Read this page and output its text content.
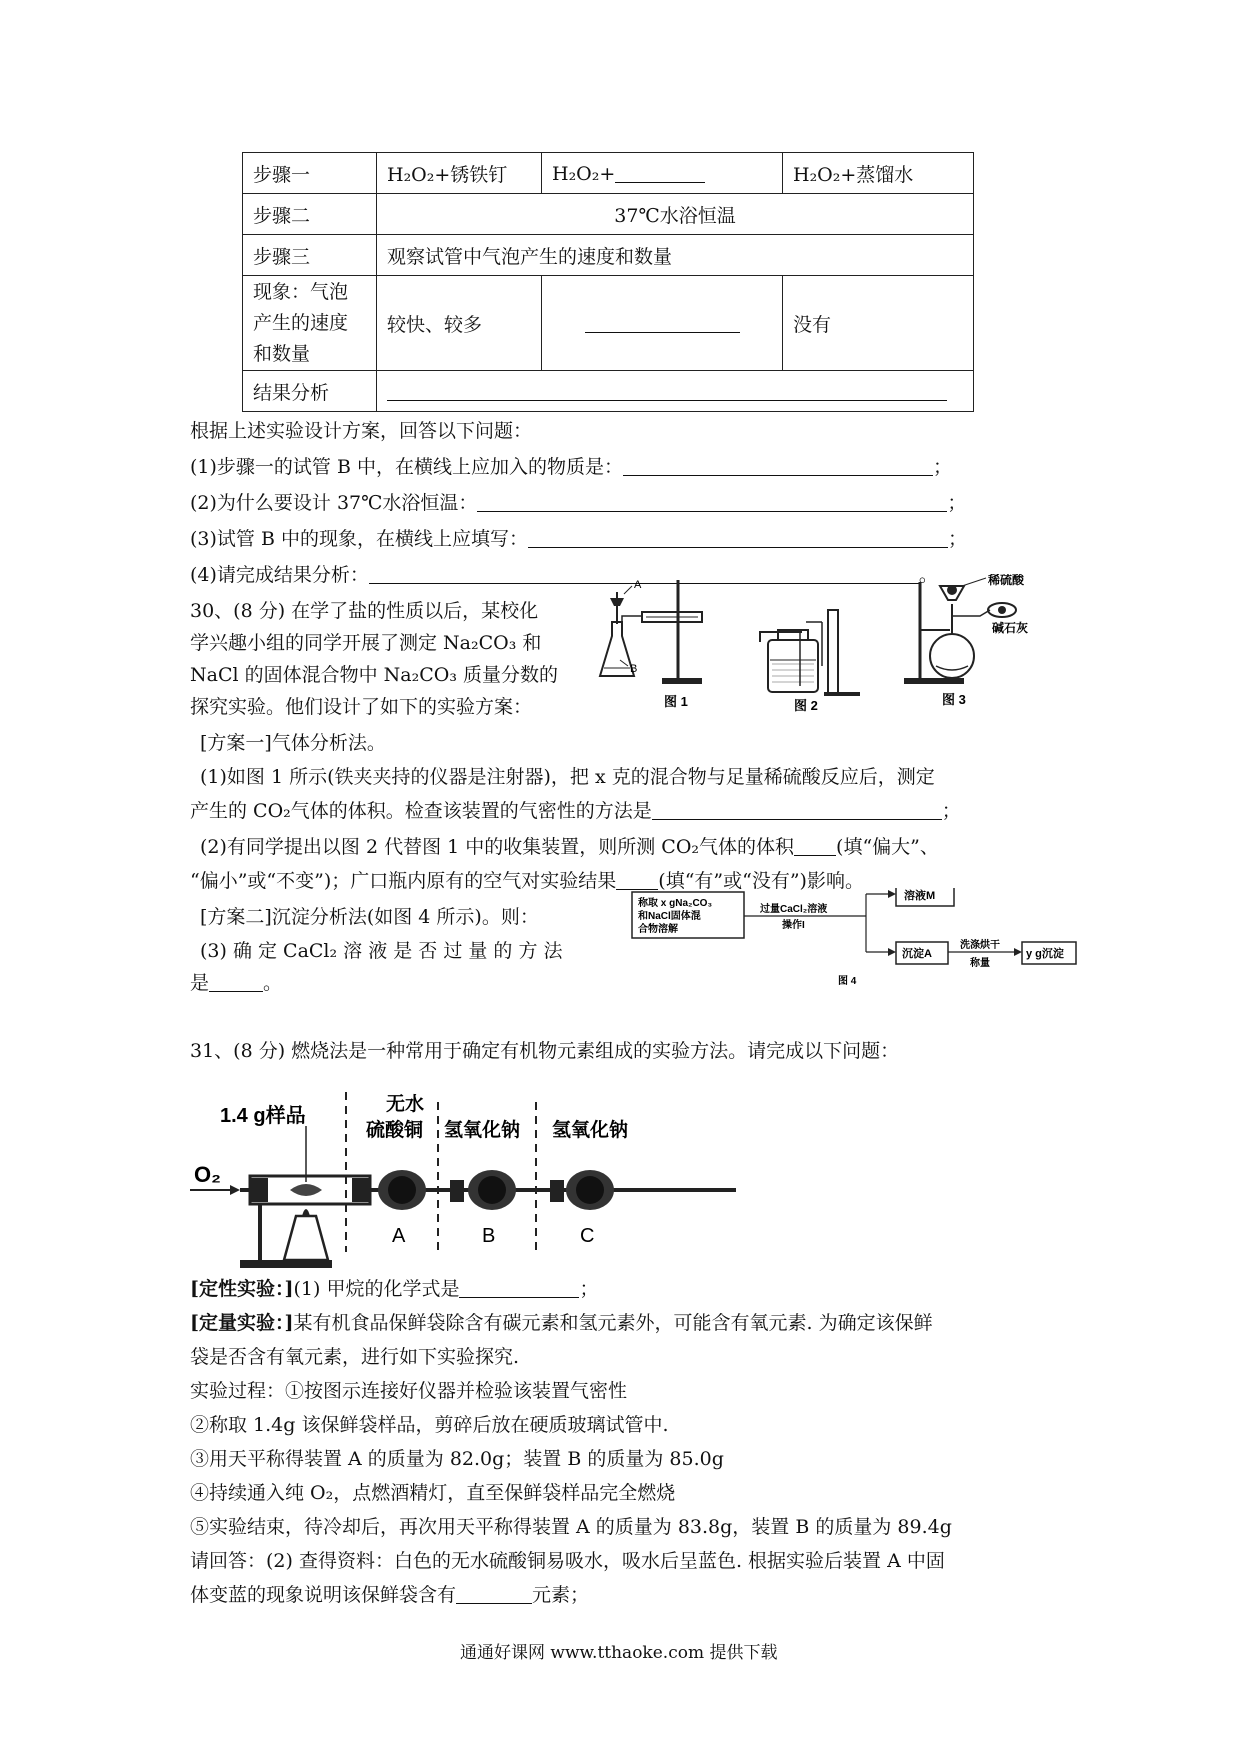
步骤一	H₂O₂+锈铁钉	H₂O₂+	H₂O₂+蒸馏水
步骤二	37℃水浴恒温		
步骤三	观察试管中气泡产生的速度和数量		
现象：气泡产生的速度和数量	较快、较多		没有
结果分析			
根据上述实验设计方案，回答以下问题：
(1)步骤一的试管 B 中，在横线上应加入的物质是：	；
(2)为什么要设计 37℃水浴恒温：	；
(3)试管 B 中的现象，在横线上应填写：	；
(4)请完成结果分析：	。
30、(8 分) 在学了盐的性质以后，某校化
学兴趣小组的同学开展了测定 Na₂CO₃ 和
NaCl 的固体混合物中 Na₂CO₃ 质量分数的
探究实验。他们设计了如下的实验方案：
[方案一]气体分析法。
(1)如图 1 所示(铁夹夹持的仪器是注射器)，把 x 克的混合物与足量稀硫酸反应后，测定
产生的 CO₂气体的体积。检查该装置的气密性的方法是	；
(2)有同学提出以图 2 代替图 1 中的收集装置，则所测 CO₂气体的体积 (填“偏大”、
“偏小”或“不变”)；广口瓶内原有的空气对实验结果 (填“有”或“没有”)影响。
[方案二]沉淀分析法(如图 4 所示)。则：
(3) 确 定 CaCl₂ 溶 液 是 否 过 量 的 方 法
是	。
A
B
图 1	图 2
稀硫酸
碱石灰
图 3
称取 x gNa₂CO₃
和NaCl固体混
合物溶解
过量CaCl₂溶液
操作I
溶液M
沉淀A
洗涤烘干
称量
y g沉淀
图 4
31、(8 分) 燃烧法是一种常用于确定有机物元素组成的实验方法。请完成以下问题：
O₂
1.4 g样品
无水
硫酸铜 氢氧化钠 氢氧化钠
A	B	C
[定性实验：](1) 甲烷的化学式是	；
[定量实验：]某有机食品保鲜袋除含有碳元素和氢元素外，可能含有氧元素. 为确定该保鲜
袋是否含有氧元素，进行如下实验探究.
实验过程：①按图示连接好仪器并检验该装置气密性
②称取 1.4g 该保鲜袋样品，剪碎后放在硬质玻璃试管中.
③用天平称得装置 A 的质量为 82.0g；装置 B 的质量为 85.0g
④持续通入纯 O₂，点燃酒精灯，直至保鲜袋样品完全燃烧
⑤实验结束，待冷却后，再次用天平称得装置 A 的质量为 83.8g，装置 B 的质量为 89.4g
请回答：(2) 查得资料：白色的无水硫酸铜易吸水，吸水后呈蓝色. 根据实验后装置 A 中固
体变蓝的现象说明该保鲜袋含有	元素；
通通好课网 www.tthaoke.com 提供下载
